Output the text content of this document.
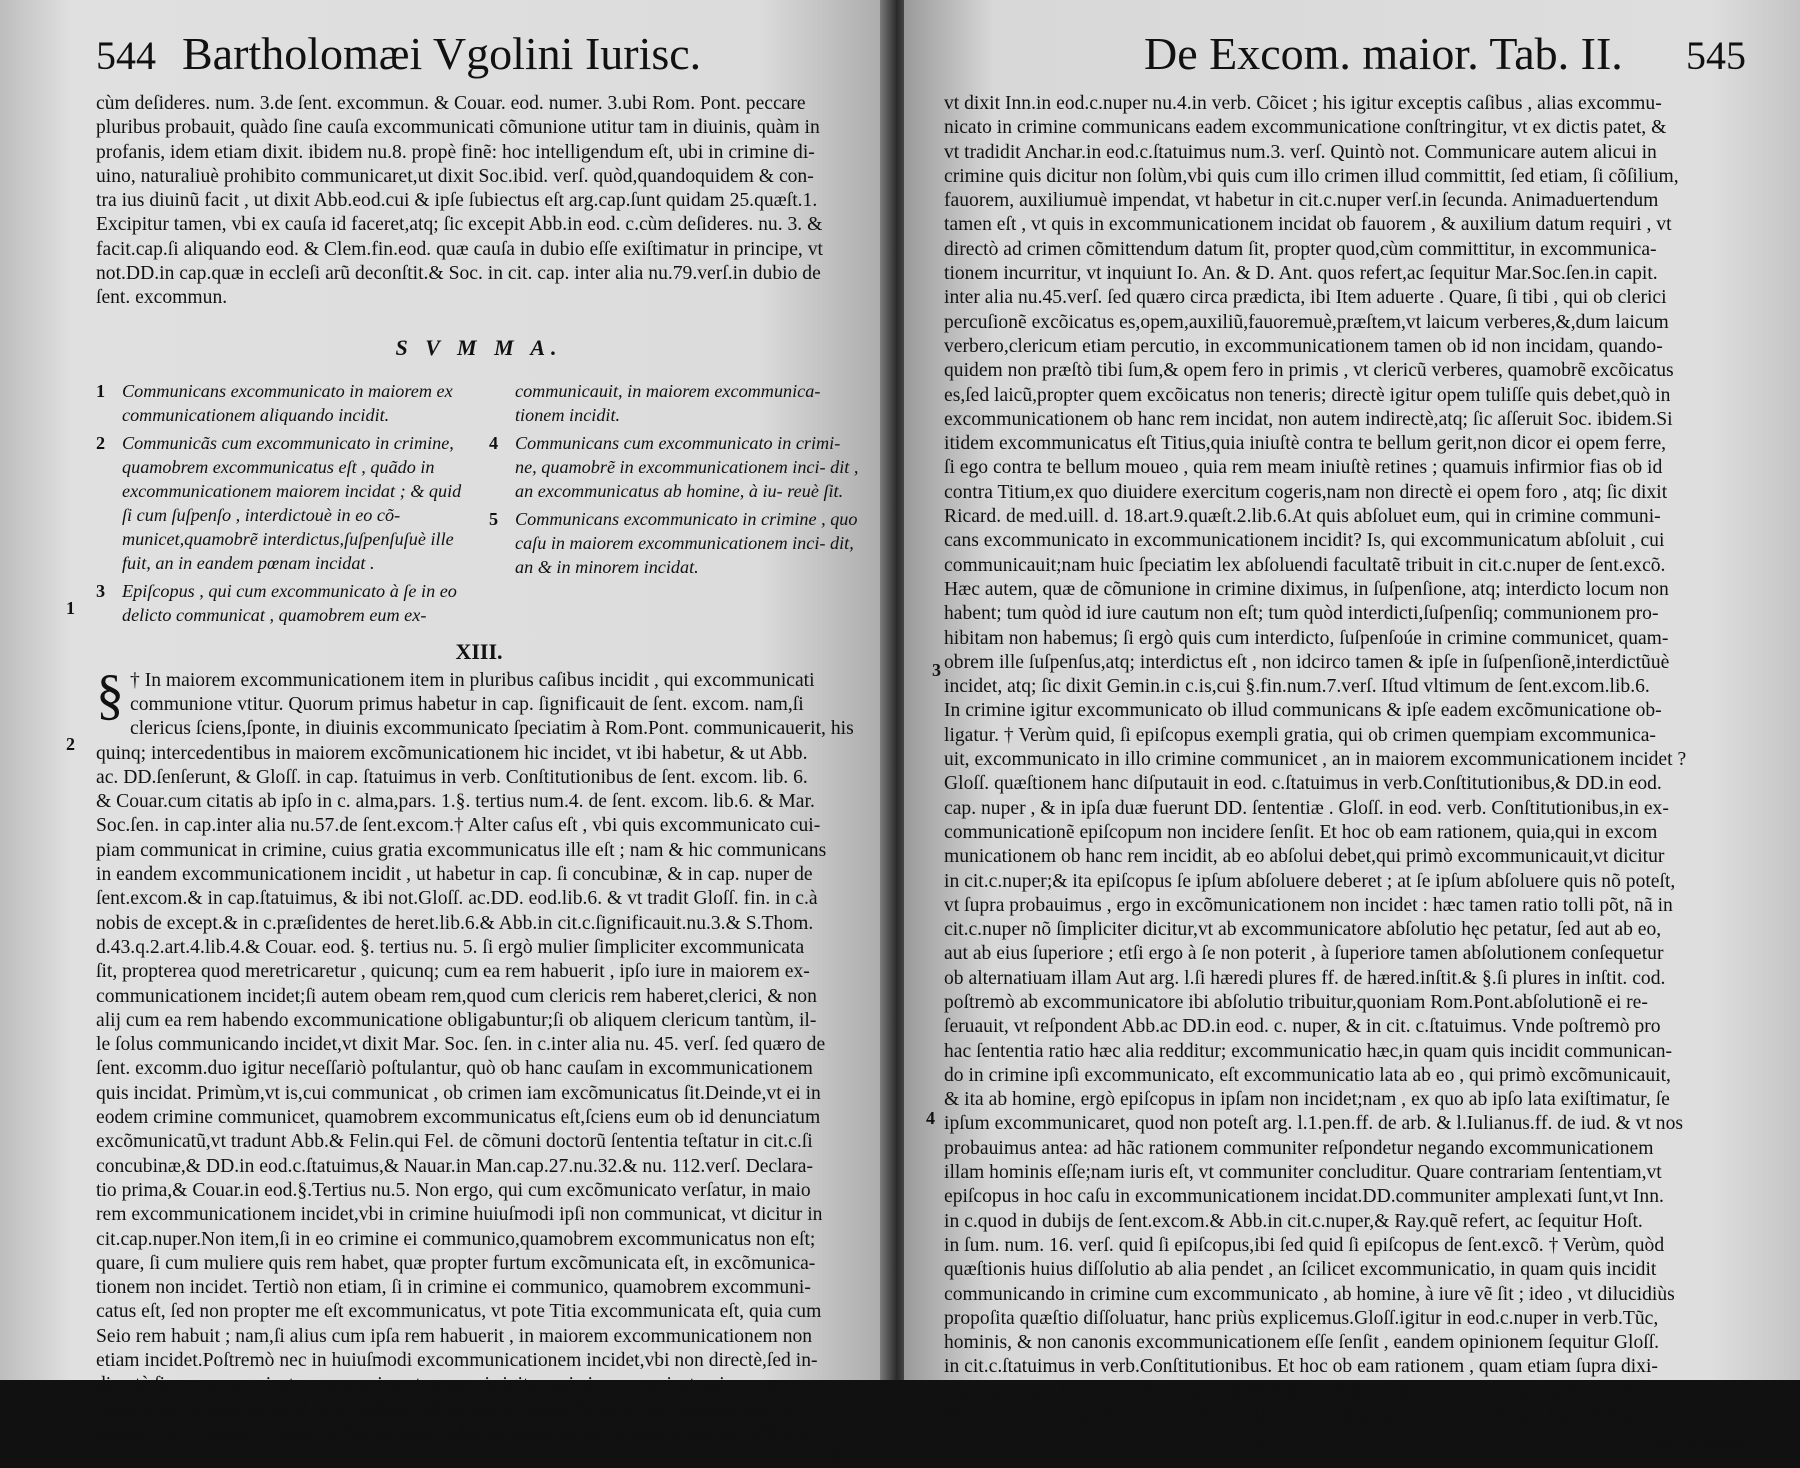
544 Bartholomæi Vgolini Iurisc.
cùm deſideres. num. 3.de ſent. excommun. & Couar. eod. numer. 3.ubi Rom. Pont. peccare
pluribus probauit, quàdo ſine cauſa excommunicati cõmunione utitur tam in diuinis, quàm in
profanis, idem etiam dixit. ibidem nu.8. propè finẽ: hoc intelligendum eſt, ubi in crimine di-
uino, naturaliuè prohibito communicaret,ut dixit Soc.ibid. verſ. quòd,quandoquidem & con-
tra ius diuinũ facit , ut dixit Abb.eod.cui & ipſe ſubiectus eſt arg.cap.ſunt quidam 25.quæſt.1.
Excipitur tamen, vbi ex cauſa id faceret,atq; ſic excepit Abb.in eod. c.cùm deſideres. nu. 3. &
facit.cap.ſi aliquando eod. & Clem.fin.eod. quæ cauſa in dubio eſſe exiſtimatur in principe, vt
not.DD.in cap.quæ in eccleſi arũ deconſtit.& Soc. in cit. cap. inter alia nu.79.verſ.in dubio de
ſent. excommun.
S V M M A.
1 Communicans excommunicato in maiorem ex communicationem aliquando incidit.
2 Communicãs cum excommunicato in crimine, quamobrem excommunicatus eſt , quãdo in excommunicationem maiorem incidat ; & quid ſi cum ſuſpenſo , interdictouè in eo cõ- municet,quamobrẽ interdictus,ſuſpenſuſuè ille fuit, an in eandem pœnam incidat .
3 Epiſcopus , qui cum excommunicato à ſe in eo delicto communicat , quamobrem eum ex-
communicauit, in maiorem excommunica- tionem incidit.
4 Communicans cum excommunicato in crimi- ne, quamobrẽ in excommunicationem inci- dit , an excommunicatus ab homine, à iu- reuè ſit.
5 Communicans excommunicato in crimine , quo caſu in maiorem excommunicationem inci- dit, an & in minorem incidat.
XIII.
1
2
§ † In maiorem excommunicationem item in pluribus caſibus incidit , qui excommunicati
communione vtitur. Quorum primus habetur in cap. ſignificauit de ſent. excom. nam,ſi
clericus ſciens,ſponte, in diuinis excommunicato ſpeciatim à Rom.Pont. communicauerit, his
quinq; intercedentibus in maiorem excõmunicationem hic incidet, vt ibi habetur, & ut Abb.
ac. DD.ſenſerunt, & Gloſſ. in cap. ſtatuimus in verb. Conſtitutionibus de ſent. excom. lib. 6.
& Couar.cum citatis ab ipſo in c. alma,pars. 1.§. tertius num.4. de ſent. excom. lib.6. & Mar.
Soc.ſen. in cap.inter alia nu.57.de ſent.excom.† Alter caſus eſt , vbi quis excommunicato cui-
piam communicat in crimine, cuius gratia excommunicatus ille eſt ; nam & hic communicans
in eandem excommunicationem incidit , ut habetur in cap. ſi concubinæ, & in cap. nuper de
ſent.excom.& in cap.ſtatuimus, & ibi not.Gloſſ. ac.DD. eod.lib.6. & vt tradit Gloſſ. fin. in c.à
nobis de except.& in c.præſidentes de heret.lib.6.& Abb.in cit.c.ſignificauit.nu.3.& S.Thom.
d.43.q.2.art.4.lib.4.& Couar. eod. §. tertius nu. 5. ſi ergò mulier ſimpliciter excommunicata
ſit, propterea quod meretricaretur , quicunq; cum ea rem habuerit , ipſo iure in maiorem ex-
communicationem incidet;ſi autem obeam rem,quod cum clericis rem haberet,clerici, & non
alij cum ea rem habendo excommunicatione obligabuntur;ſi ob aliquem clericum tantùm, il-
le ſolus communicando incidet,vt dixit Mar. Soc. ſen. in c.inter alia nu. 45. verſ. ſed quæro de
ſent. excomm.duo igitur neceſſariò poſtulantur, quò ob hanc cauſam in excommunicationem
quis incidat. Primùm,vt is,cui communicat , ob crimen iam excõmunicatus ſit.Deinde,vt ei in
eodem crimine communicet, quamobrem excommunicatus eſt,ſciens eum ob id denunciatum
excõmunicatũ,vt tradunt Abb.& Felin.qui Fel. de cõmuni doctorũ ſententia teſtatur in cit.c.ſi
concubinæ,& DD.in eod.c.ſtatuimus,& Nauar.in Man.cap.27.nu.32.& nu. 112.verſ. Declara-
tio prima,& Couar.in eod.§.Tertius nu.5. Non ergo, qui cum excõmunicato verſatur, in maio
rem excommunicationem incidet,vbi in crimine huiuſmodi ipſi non communicat, vt dicitur in
cit.cap.nuper.Non item,ſi in eo crimine ei communico,quamobrem excommunicatus non eſt;
quare, ſi cum muliere quis rem habet, quæ propter furtum excõmunicata eſt, in excõmunica-
tionem non incidet. Tertiò non etiam, ſi in crimine ei communico, quamobrem excommuni-
catus eſt, ſed non propter me eſt excommunicatus, vt pote Titia excommunicata eſt, quia cum
Seio rem habuit ; nam,ſi alius cum ipſa rem habuerit , in maiorem excommunicationem non
etiam incidet.Poſtremò nec in huiuſmodi excommunicationem incidet,vbi non directè,ſed in-
directè ſic excommunicato communicaret; quamuis igitur,qui ei communicat,qui excommu-
nicatus eſt , propterea quod in eccleſiam bellum mouit, opem ferendo excommunicatus ſit , ſi
tamen contra alium in bello excõmunicatum adiuuet,maiorem excommunicationem effugiet,
vt dixit
De Excom. maior. Tab. II. 545
3
4
vt dixit Inn.in eod.c.nuper nu.4.in verb. Cõicet ; his igitur exceptis caſibus , alias excommu-
nicato in crimine communicans eadem excommunicatione conſtringitur, vt ex dictis patet, &
vt tradidit Anchar.in eod.c.ſtatuimus num.3. verſ. Quintò not. Communicare autem alicui in
crimine quis dicitur non ſolùm,vbi quis cum illo crimen illud committit, ſed etiam, ſi cõſilium,
fauorem, auxiliumuè impendat, vt habetur in cit.c.nuper verſ.in ſecunda. Animaduertendum
tamen eſt , vt quis in excommunicationem incidat ob fauorem , & auxilium datum requiri , vt
directò ad crimen cõmittendum datum ſit, propter quod,cùm committitur, in excommunica-
tionem incurritur, vt inquiunt Io. An. & D. Ant. quos refert,ac ſequitur Mar.Soc.ſen.in capit.
inter alia nu.45.verſ. ſed quæro circa prædicta, ibi Item aduerte . Quare, ſi tibi , qui ob clerici
percuſionẽ excõicatus es,opem,auxiliũ,fauoremuè,præſtem,vt laicum verberes,&,dum laicum
verbero,clericum etiam percutio, in excommunicationem tamen ob id non incidam, quando-
quidem non præſtò tibi ſum,& opem fero in primis , vt clericũ verberes, quamobrẽ excõicatus
es,ſed laicũ,propter quem excõicatus non teneris; directè igitur opem tuliſſe quis debet,quò in
excommunicationem ob hanc rem incidat, non autem indirectè,atq; ſic aſſeruit Soc. ibidem.Si
itidem excommunicatus eſt Titius,quia iniuſtè contra te bellum gerit,non dicor ei opem ferre,
ſi ego contra te bellum moueo , quia rem meam iniuſtè retines ; quamuis infirmior fias ob id
contra Titium,ex quo diuidere exercitum cogeris,nam non directè ei opem foro , atq; ſic dixit
Ricard. de med.uill. d. 18.art.9.quæſt.2.lib.6.At quis abſoluet eum, qui in crimine communi-
cans excommunicato in excommunicationem incidit? Is, qui excommunicatum abſoluit , cui
communicauit;nam huic ſpeciatim lex abſoluendi facultatẽ tribuit in cit.c.nuper de ſent.excõ.
Hæc autem, quæ de cõmunione in crimine diximus, in ſuſpenſione, atq; interdicto locum non
habent; tum quòd id iure cautum non eſt; tum quòd interdicti,ſuſpenſiq; communionem pro-
hibitam non habemus; ſi ergò quis cum interdicto, ſuſpenſoúe in crimine communicet, quam-
obrem ille ſuſpenſus,atq; interdictus eſt , non idcirco tamen & ipſe in ſuſpenſionẽ,interdictũuè
incidet, atq; ſic dixit Gemin.in c.is,cui §.fin.num.7.verſ. Iſtud vltimum de ſent.excom.lib.6.
In crimine igitur excommunicato ob illud communicans & ipſe eadem excõmunicatione ob-
ligatur. † Verùm quid, ſi epiſcopus exempli gratia, qui ob crimen quempiam excommunica-
uit, excommunicato in illo crimine communicet , an in maiorem excommunicationem incidet ?
Gloſſ. quæſtionem hanc diſputauit in eod. c.ſtatuimus in verb.Conſtitutionibus,& DD.in eod.
cap. nuper , & in ipſa duæ fuerunt DD. ſententiæ . Gloſſ. in eod. verb. Conſtitutionibus,in ex-
communicationẽ epiſcopum non incidere ſenſit. Et hoc ob eam rationem, quia,qui in excom
municationem ob hanc rem incidit, ab eo abſolui debet,qui primò excommunicauit,vt dicitur
in cit.c.nuper;& ita epiſcopus ſe ipſum abſoluere deberet ; at ſe ipſum abſoluere quis nõ poteſt,
vt ſupra probauimus , ergo in excõmunicationem non incidet : hæc tamen ratio tolli põt, nã in
cit.c.nuper nõ ſimpliciter dicitur,vt ab excommunicatore abſolutio hęc petatur, ſed aut ab eo,
aut ab eius ſuperiore ; etſi ergo à ſe non poterit , à ſuperiore tamen abſolutionem conſequetur
ob alternatiuam illam Aut arg. l.ſi hæredi plures ff. de hæred.inſtit.& §.ſi plures in inſtit. cod.
poſtremò ab excommunicatore ibi abſolutio tribuitur,quoniam Rom.Pont.abſolutionẽ ei re-
ſeruauit, vt reſpondent Abb.ac DD.in eod. c. nuper, & in cit. c.ſtatuimus. Vnde poſtremò pro
hac ſententia ratio hæc alia redditur; excommunicatio hæc,in quam quis incidit communican-
do in crimine ipſi excommunicato, eſt excommunicatio lata ab eo , qui primò excõmunicauit,
& ita ab homine, ergò epiſcopus in ipſam non incidet;nam , ex quo ab ipſo lata exiſtimatur, ſe
ipſum excommunicaret, quod non poteſt arg. l.1.pen.ff. de arb. & l.Iulianus.ff. de iud. & vt nos
probauimus antea: ad hãc rationem communiter reſpondetur negando excommunicationem
illam hominis eſſe;nam iuris eſt, vt communiter concluditur. Quare contrariam ſententiam,vt
epiſcopus in hoc caſu in excommunicationem incidat.DD.communiter amplexati ſunt,vt Inn.
in c.quod in dubijs de ſent.excom.& Abb.in cit.c.nuper,& Ray.quẽ refert, ac ſequitur Hoſt.
in ſum. num. 16. verſ. quid ſi epiſcopus,ibi ſed quid ſi epiſcopus de ſent.excõ. † Verùm, quòd
quæſtionis huius diſſolutio ab alia pendet , an ſcilicet excommunicatio, in quam quis incidit
communicando in crimine cum excommunicato , ab homine, à iure vẽ ſit ; ideo , vt dilucidiùs
propoſita quæſtio diſſoluatur, hanc priùs explicemus.Gloſſ.igitur in eod.c.nuper in verb.Tũc,
hominis, & non canonis excommunicationem eſſe ſenſit , eandem opinionem ſequitur Gloſſ.
in cit.c.ſtatuimus in verb.Conſtitutionibus. Et hoc ob eam rationem , quam etiam ſupra dixi-
mus, quoniam hic excommunicatus abſolui ab eo debet, qui excommunicationem in eum tu-
lit, cui communicando in excommunicationem incidit, ergo excommunicatio hæc ab homine
Zz 3	eſt; alioquin
